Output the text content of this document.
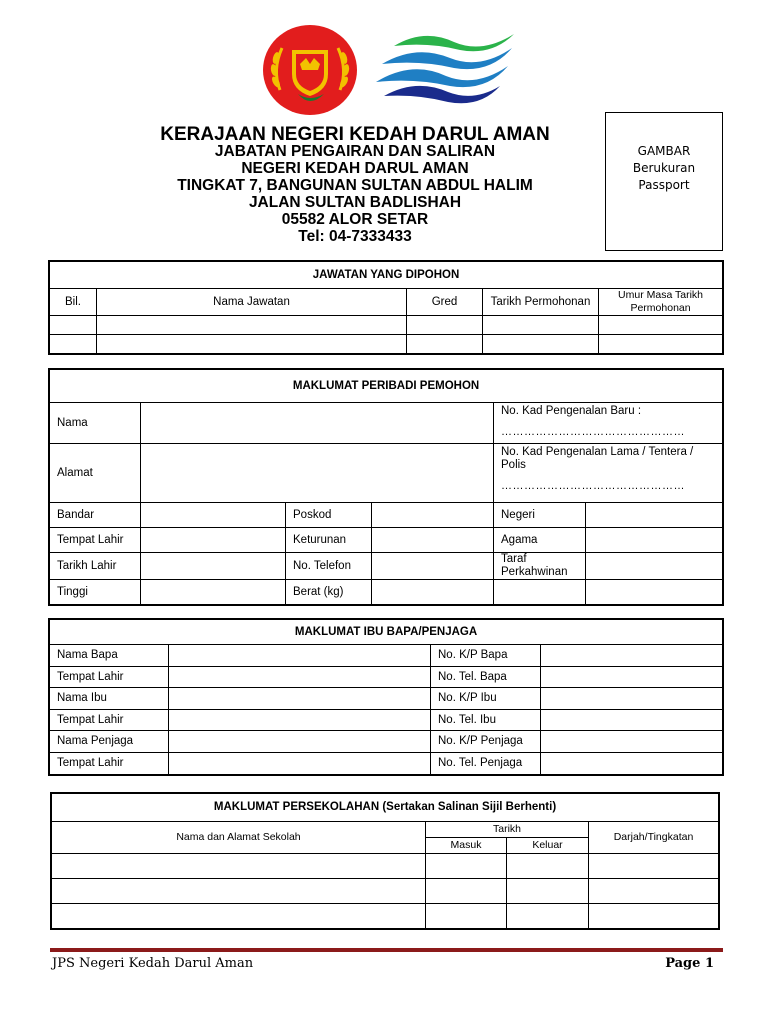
KERAJAAN NEGERI KEDAH DARUL AMAN
JABATAN PENGAIRAN DAN SALIRAN
NEGERI KEDAH DARUL AMAN
TINGKAT 7, BANGUNAN SULTAN ABDUL HALIM
JALAN SULTAN BADLISHAH
05582 ALOR SETAR
Tel: 04-7333433
GAMBAR
Berukuran
Passport
JAWATAN YANG DIPOHON				
Bil.	Nama Jawatan	Gred	Tarikh Permohonan	Umur Masa Tarikh Permohonan

MAKLUMAT PERIBADI PEMOHON					
Nama				No. Kad Pengenalan Baru :
…………………………………………	

Alamat				No. Kad Pengenalan Lama / Tentera / Polis
…………………………………………	

Bandar		Poskod		Negeri	
Tempat Lahir		Keturunan		Agama	
Tarikh Lahir		No. Telefon		Taraf Perkahwinan	
Tinggi		Berat (kg)			
MAKLUMAT IBU BAPA/PENJAGA			
Nama Bapa		No. K/P Bapa	
Tempat Lahir		No. Tel. Bapa	
Nama Ibu		No. K/P Ibu	
Tempat Lahir		No. Tel. Ibu	
Nama Penjaga		No. K/P Penjaga	
Tempat Lahir		No. Tel. Penjaga	
MAKLUMAT PERSEKOLAHAN (Sertakan Salinan Sijil Berhenti)			
Nama dan Alamat Sekolah	Tarikh		Darjah/Tingkatan
	Masuk	Keluar	

JPS Negeri Kedah Darul Aman	Page 1
